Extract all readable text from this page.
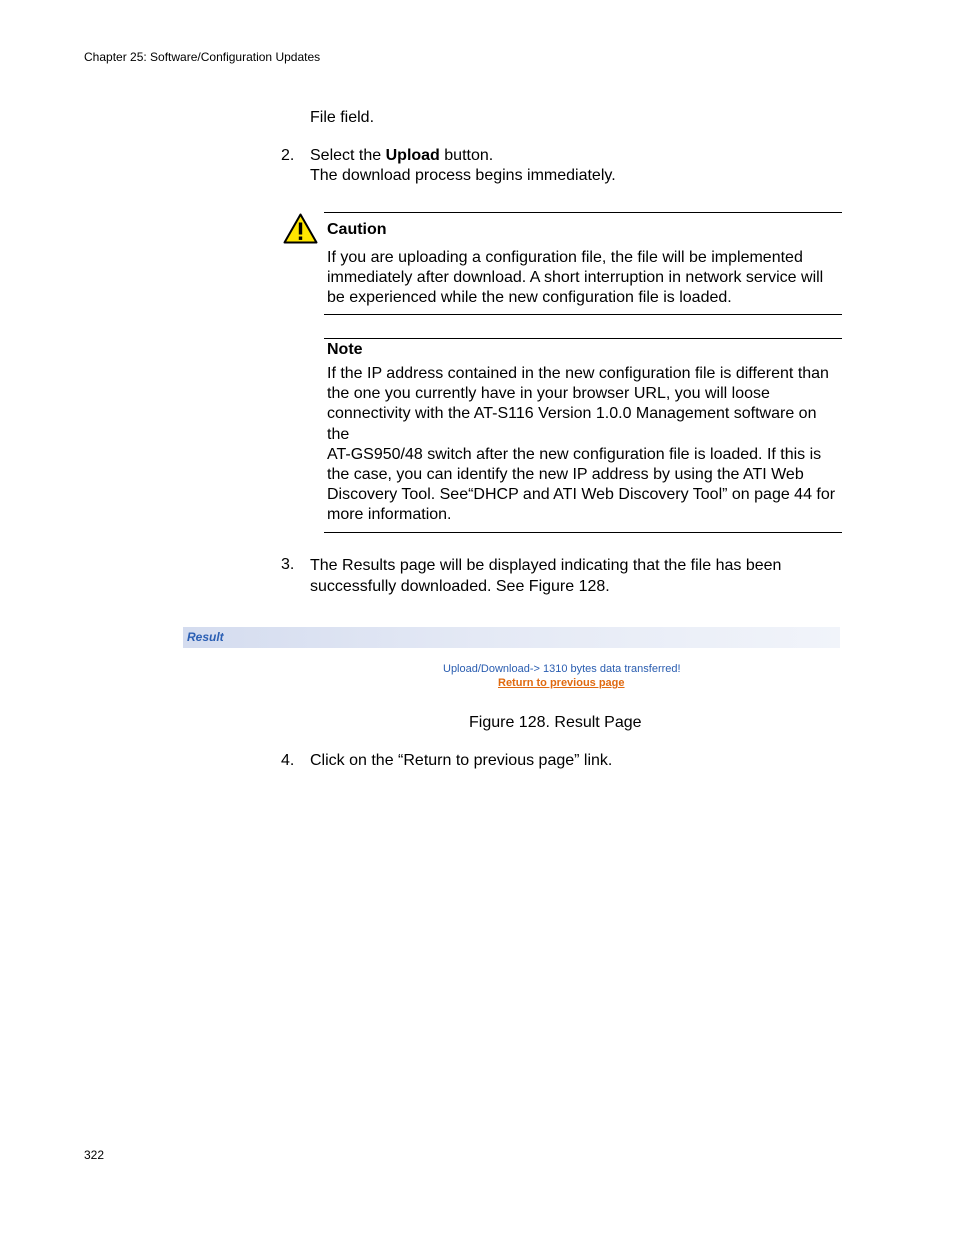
Chapter 25: Software/Configuration Updates
File field.
2. Select the Upload button.
The download process begins immediately.
Caution
If you are uploading a configuration file, the file will be implemented immediately after download. A short interruption in network service will be experienced while the new configuration file is loaded.
Note
If the IP address contained in the new configuration file is different than the one you currently have in your browser URL, you will loose connectivity with the AT-S116 Version 1.0.0 Management software on the
AT-GS950/48 switch after the new configuration file is loaded. If this is the case, you can identify the new IP address by using the ATI Web Discovery Tool. See“DHCP and ATI Web Discovery Tool” on page 44 for more information.
3. The Results page will be displayed indicating that the file has been successfully downloaded. See Figure 128.
Result
Upload/Download-> 1310 bytes data transferred!
Return to previous page
Figure 128. Result Page
4. Click on the “Return to previous page” link.
322
